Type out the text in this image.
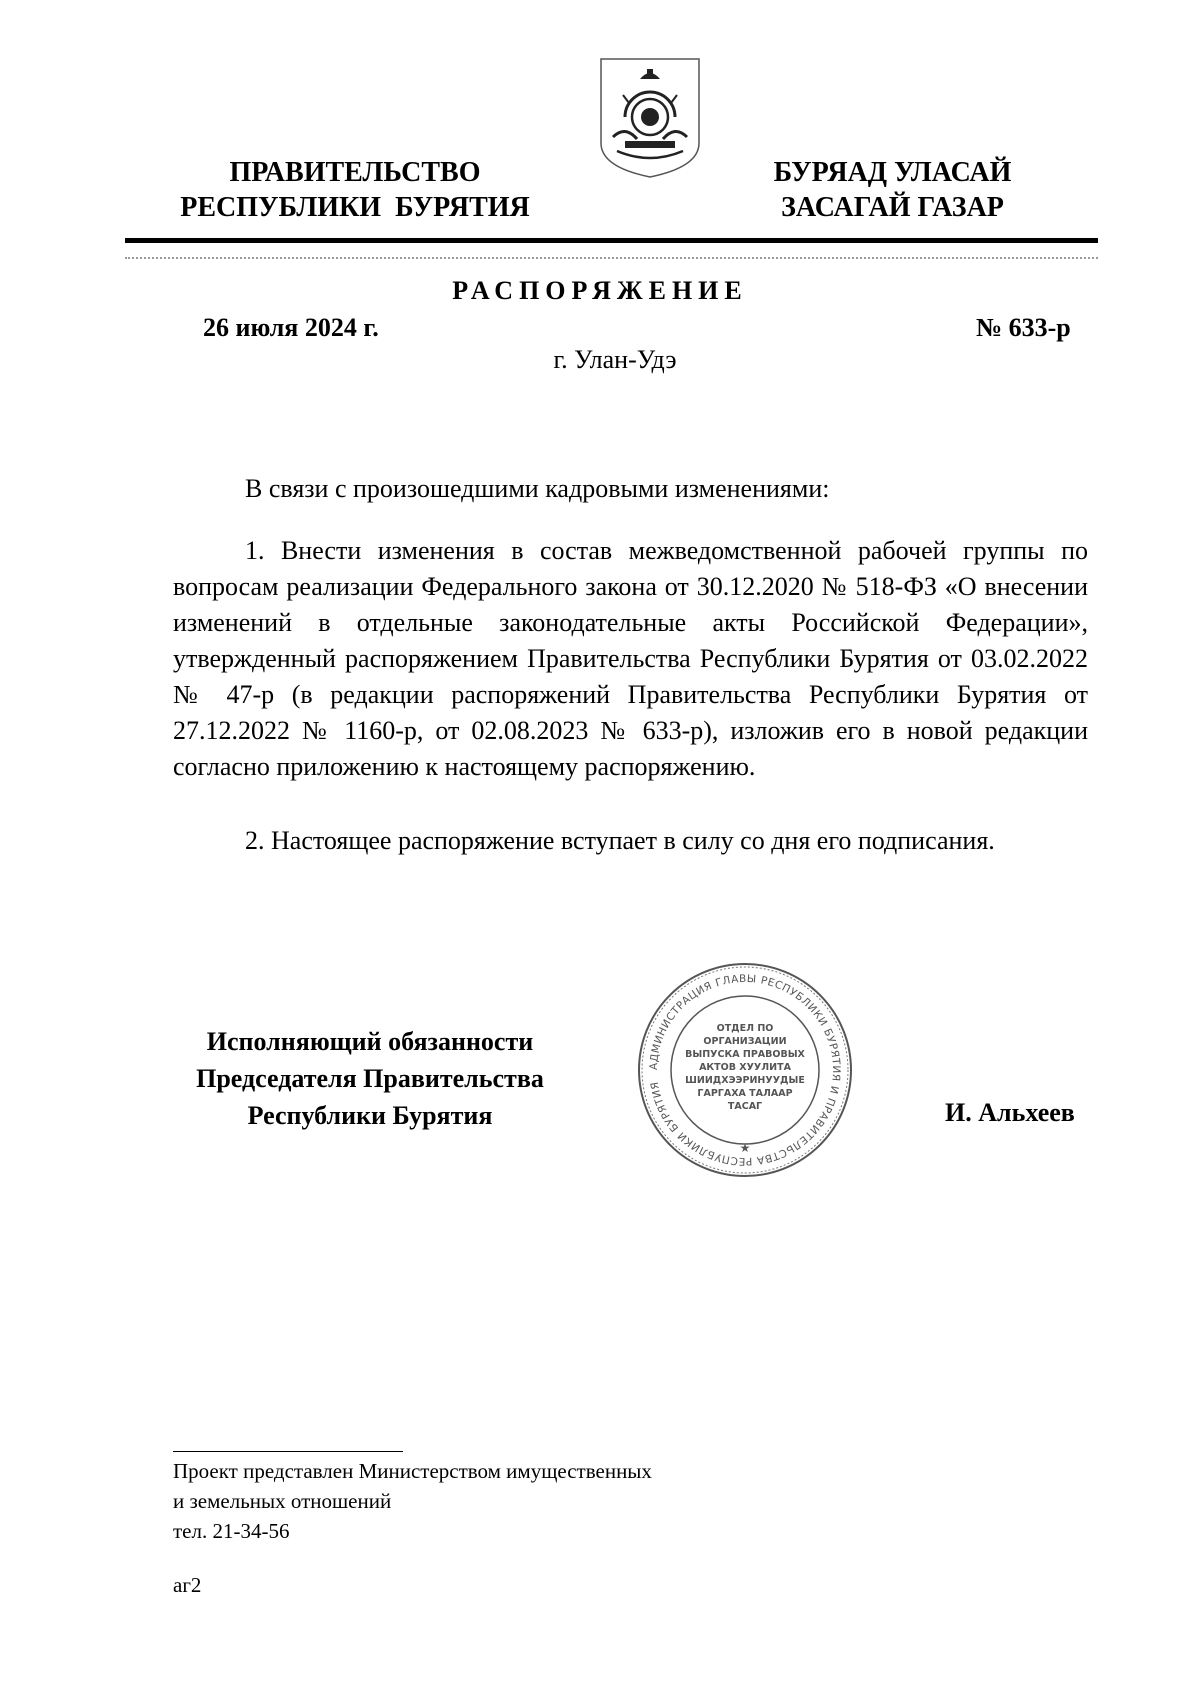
ПРАВИТЕЛЬСТВО
РЕСПУБЛИКИ  БУРЯТИЯ
БУРЯАД УЛАСАЙ
ЗАСАГАЙ ГАЗАР
РАСПОРЯЖЕНИЕ
26 июля 2024 г.	№ 633-р
г. Улан-Удэ
В связи с произошедшими кадровыми изменениями:

1. Внести изменения в состав межведомственной рабочей группы по вопросам реализации Федерального закона от 30.12.2020 № 518-ФЗ «О внесении изменений в отдельные законодательные акты Российской Федерации», утвержденный распоряжением Правительства Республики Бурятия от 03.02.2022 № 47-р (в редакции распоряжений Правительства Республики Бурятия от 27.12.2022 № 1160-р, от 02.08.2023 № 633-р), изложив его в новой редакции согласно приложению к настоящему распоряжению.

2. Настоящее распоряжение вступает в силу со дня его подписания.
Исполняющий обязанности
Председателя Правительства
Республики Бурятия
АДМИНИСТРАЦИЯ ГЛАВЫ РЕСПУБЛИКИ БУРЯТИЯ И ПРАВИТЕЛЬСТВА РЕСПУБЛИКИ БУРЯТИЯ
ОТДЕЛ ПО ОРГАНИЗАЦИИ ВЫПУСКА ПРАВОВЫХ АКТОВ ХУУЛИТА ШИИДХЭЭРИНУУДЫЕ ГАРГАХА ТАЛААР ТАСАГ
★
И. Альхеев
Проект представлен Министерством имущественных
и земельных отношений
тел. 21-34-56
аг2
